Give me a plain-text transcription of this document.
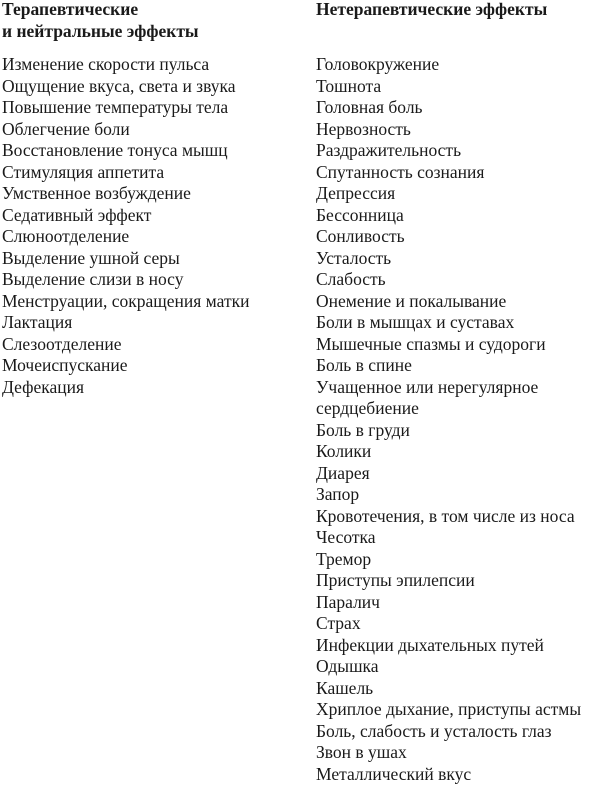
Терапевтические
и нейтральные эффекты
Изменение скорости пульса
Ощущение вкуса, света и звука
Повышение температуры тела
Облегчение боли
Восстановление тонуса мышц
Стимуляция аппетита
Умственное возбуждение
Седативный эффект
Слюноотделение
Выделение ушной серы
Выделение слизи в носу
Менструации, сокращения матки
Лактация
Слезоотделение
Мочеиспускание
Дефекация
Нетерапевтические эффекты
Головокружение
Тошнота
Головная боль
Нервозность
Раздражительность
Спутанность сознания
Депрессия
Бессонница
Сонливость
Усталость
Слабость
Онемение и покалывание
Боли в мышцах и суставах
Мышечные спазмы и судороги
Боль в спине
Учащенное или нерегулярное
сердцебиение
Боль в груди
Колики
Диарея
Запор
Кровотечения, в том числе из носа
Чесотка
Тремор
Приступы эпилепсии
Паралич
Страх
Инфекции дыхательных путей
Одышка
Кашель
Хриплое дыхание, приступы астмы
Боль, слабость и усталость глаз
Звон в ушах
Металлический вкус
